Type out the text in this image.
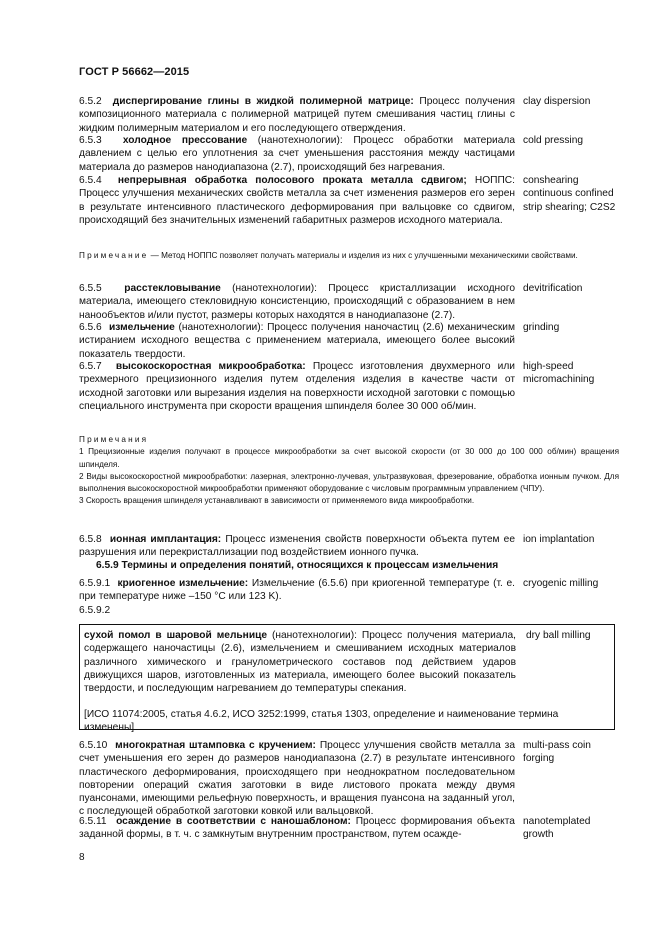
ГОСТ Р 56662—2015
6.5.2 диспергирование глины в жидкой полимерной матрице: Процесс получения композиционного материала с полимерной матрицей путем смешивания частиц глины с жидким полимерным материалом и его последующего отверждения.
clay dispersion
6.5.3 холодное прессование (нанотехнологии): Процесс обработки материала давлением с целью его уплотнения за счет уменьшения расстояния между частицами материала до размеров нанодиапазона (2.7), происходящий без нагревания.
cold pressing
6.5.4 непрерывная обработка полосового проката металла сдвигом; НОППС: Процесс улучшения механических свойств металла за счет изменения размеров его зерен в результате интенсивного пластического деформирования при вальцовке со сдвигом, происходящий без значительных изменений габаритных размеров исходного материала.
conshearing continuous confined strip shearing; C2S2
Примечание — Метод НОППС позволяет получать материалы и изделия из них с улучшенными механическими свойствами.
6.5.5 расстекловывание (нанотехнологии): Процесс кристаллизации исходного материала, имеющего стекловидную консистенцию, происходящий с образованием в нем нанообъектов и/или пустот, размеры которых находятся в нанодиапазоне (2.7).
devitrification
6.5.6 измельчение (нанотехнологии): Процесс получения наночастиц (2.6) механическим истиранием исходного вещества с применением материала, имеющего более высокий показатель твердости.
grinding
6.5.7 высокоскоростная микрообработка: Процесс изготовления двухмерного или трехмерного прецизионного изделия путем отделения изделия в качестве части от исходной заготовки или вырезания изделия на поверхности исходной заготовки с помощью специального инструмента при скорости вращения шпинделя более 30 000 об/мин.
high-speed micromachining
Примечания
1 Прецизионные изделия получают в процессе микрообработки за счет высокой скорости (от 30 000 до 100 000 об/мин) вращения шпинделя.
2 Виды высокоскоростной микрообработки: лазерная, электронно-лучевая, ультразвуковая, фрезерование, обработка ионным пучком. Для выполнения высокоскоростной микрообработки применяют оборудование с числовым программным управлением (ЧПУ).
3 Скорость вращения шпинделя устанавливают в зависимости от применяемого вида микрообработки.
6.5.8 ионная имплантация: Процесс изменения свойств поверхности объекта путем ее разрушения или перекристаллизации под воздействием ионного пучка.
ion implantation
6.5.9 Термины и определения понятий, относящихся к процессам измельчения
6.5.9.1 криогенное измельчение: Измельчение (6.5.6) при криогенной температуре (т. е. при температуре ниже –150 °С или 123 K).
cryogenic milling
6.5.9.2
сухой помол в шаровой мельнице (нанотехнологии): Процесс получения материала, содержащего наночастицы (2.6), измельчением и смешиванием исходных материалов различного химического и гранулометрического составов под действием ударов движущихся шаров, изготовленных из материала, имеющего более высокий показатель твердости, и последующим нагреванием до температуры спекания.
dry ball milling
[ИСО 11074:2005, статья 4.6.2, ИСО 3252:1999, статья 1303, определение и наименование термина изменены]
6.5.10 многократная штамповка с кручением: Процесс улучшения свойств металла за счет уменьшения его зерен до размеров нанодиапазона (2.7) в результате интенсивного пластического деформирования, происходящего при неоднократном последовательном повторении операций сжатия заготовки в виде листового проката между двумя пуансонами, имеющими рельефную поверхность, и вращения пуансона на заданный угол, с последующей обработкой заготовки ковкой или вальцовкой.
multi-pass coin forging
6.5.11 осаждение в соответствии с наношаблоном: Процесс формирования объекта заданной формы, в т. ч. с замкнутым внутренним пространством, путем осажде-
nanotemplated growth
8
